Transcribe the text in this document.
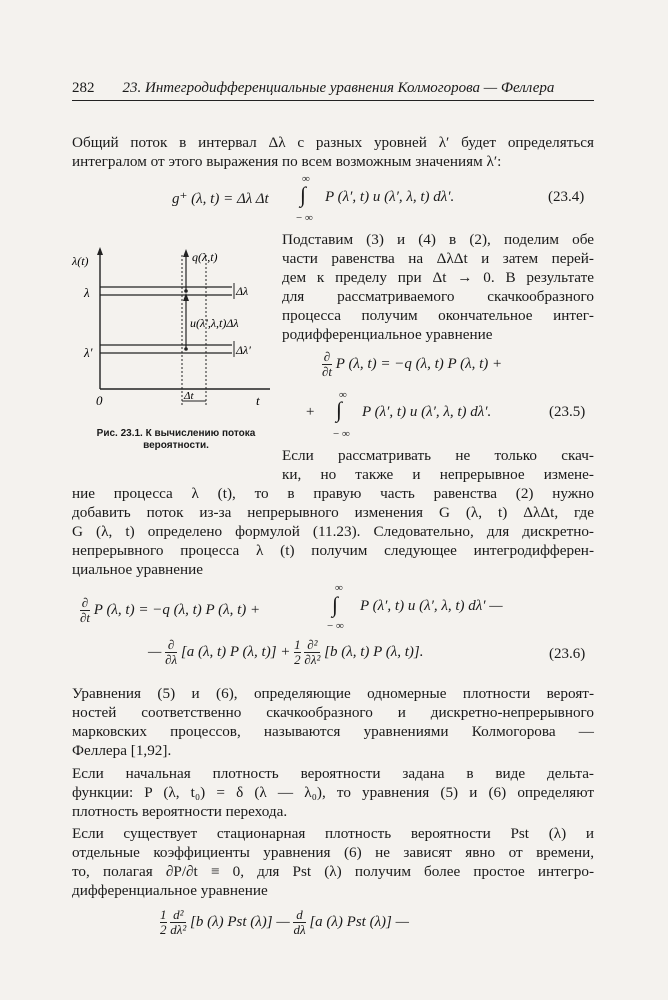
282 23. Интегродифференциальные уравнения Колмогорова — Феллера
Общий поток в интервал Δλ с разных уровней λ′ будет определяться
интегралом от этого выражения по всем возможным значениям λ′:
g⁺ (λ, t) = Δλ Δt ∫
∞
− ∞
P (λ′, t) u (λ′, λ, t) dλ′.	(23.4)
λ(t)	q(λ,t)
λ	Δλ
u(λ′,λ,t)Δλ
λ′	Δλ′
0	Δt	t
Рис. 23.1. К вычислению потока
вероятности.
Подставим (3) и (4) в (2), поделим обе
части равенства на ΔλΔt и затем перей-
дем к пределу при Δt → 0. В результате
для рассматриваемого скачкообразного
процесса получим окончательное интег-
родифференциальное уравнение
$\frac{\partial}{\partial t}$ P (λ, t) = −q (λ, t) P (λ, t) +
+ ∫
∞
− ∞
P (λ′, t) u (λ′, λ, t) dλ′.	(23.5)
Если рассматривать не только скач-
ки, но также и непрерывное измене-
ние процесса λ (t), то в правую часть равенства (2) нужно
добавить поток из-за непрерывного изменения G (λ, t) ΔλΔt, где
G (λ, t) определено формулой (11.23). Следовательно, для дискретно-
непрерывного процесса λ (t) получим следующее интегродифферен-
циальное уравнение
$\frac{\partial}{\partial t}$ P (λ, t) = −q (λ, t) P (λ, t) +	∫
∞
− ∞
P (λ′, t) u (λ′, λ, t) dλ′ —
— $\frac{\partial}{\partial\lambda} [a$ (λ, t) P (λ, $t)] + \frac{1}{2}$
$\frac{\text{∂²}}{\text{∂λ²}} [b$ (λ, t) P (λ, t)].	(23.6)
Уравнения (5) и (6), определяющие одномерные плотности вероят-
ностей соответственно скачкообразного и дискретно-непрерывного
марковских процессов, называются уравнениями Колмогорова —
Феллера [1,92].
Если начальная плотность вероятности задана в виде дельта-
функции: P (λ, t₀) = δ (λ — λ₀), то уравнения (5) и (6) определяют
плотность вероятности перехода.
Если существует стационарная плотность вероятности Pst (λ) и
отдельные коэффициенты уравнения (6) не зависят явно от времени,
то, полагая ∂P/∂t ≡ 0, для Pst (λ) получим более простое интегро-
дифференциальное уравнение
$\frac{1}{2}$
$\frac{\text{d²}}{\text{dλ²}} [b$ (λ) Pst (λ)] — $\frac{d}{d\lambda} [a$ (λ) Pst (λ)] —
